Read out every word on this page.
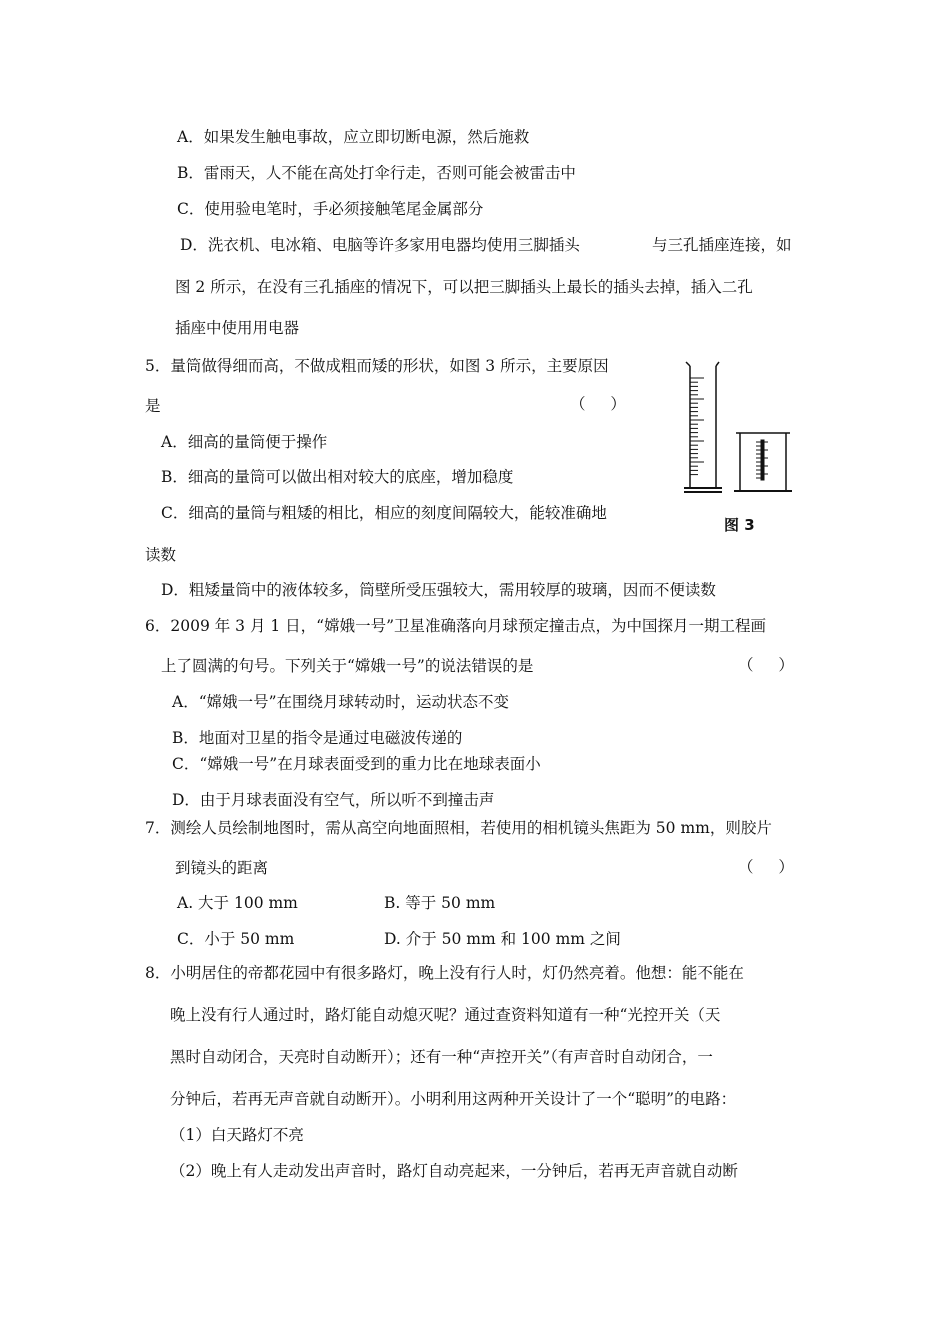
A．如果发生触电事故，应立即切断电源，然后施救
B．雷雨天，人不能在高处打伞行走，否则可能会被雷击中
C．使用验电笔时，手必须接触笔尾金属部分
D．洗衣机、电冰箱、电脑等许多家用电器均使用三脚插头	与三孔插座连接，如
图 2 所示，在没有三孔插座的情况下，可以把三脚插头上最长的插头去掉，插入二孔
插座中使用用电器
5．量筒做得细而高，不做成粗而矮的形状，如图 3 所示，主要原因
是	（ ）
A．细高的量筒便于操作
B．细高的量筒可以做出相对较大的底座，增加稳度
C．细高的量筒与粗矮的相比，相应的刻度间隔较大，能较准确地
读数
D．粗矮量筒中的液体较多，筒壁所受压强较大，需用较厚的玻璃，因而不便读数
图 3
6．2009 年 3 月 1 日，“嫦娥一号”卫星准确落向月球预定撞击点，为中国探月一期工程画
上了圆满的句号。下列关于“嫦娥一号”的说法错误的是	（ ）
A．“嫦娥一号”在围绕月球转动时，运动状态不变
B．地面对卫星的指令是通过电磁波传递的
C．“嫦娥一号”在月球表面受到的重力比在地球表面小
D．由于月球表面没有空气，所以听不到撞击声
7．测绘人员绘制地图时，需从高空向地面照相，若使用的相机镜头焦距为 50 mm，则胶片
到镜头的距离	（ ）
A. 大于 100 mm	B. 等于 50 mm
C．小于 50 mm	D. 介于 50 mm 和 100 mm 之间
8．小明居住的帝都花园中有很多路灯，晚上没有行人时，灯仍然亮着。他想：能不能在
晚上没有行人通过时，路灯能自动熄灭呢？通过查资料知道有一种“光控开关（天
黑时自动闭合，天亮时自动断开）；还有一种“声控开关”（有声音时自动闭合，一
分钟后，若再无声音就自动断开）。小明利用这两种开关设计了一个“聪明”的电路：
（1）白天路灯不亮
（2）晚上有人走动发出声音时，路灯自动亮起来，一分钟后，若再无声音就自动断
